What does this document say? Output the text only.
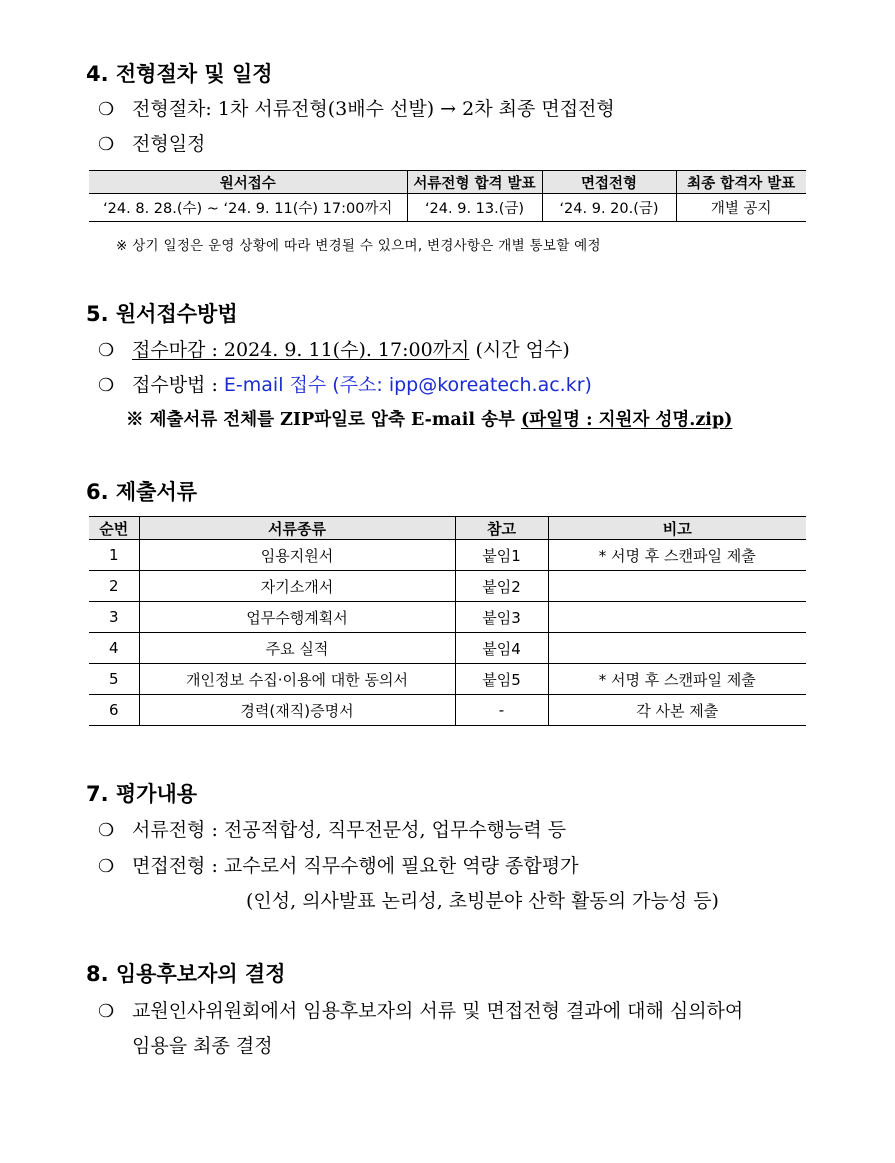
4. 전형절차 및 일정
❍ 전형절차: 1차 서류전형(3배수 선발) → 2차 최종 면접전형
❍ 전형일정
원서접수	서류전형 합격 발표	면접전형	최종 합격자 발표
‘24. 8. 28.(수) ~ ‘24. 9. 11(수) 17:00까지	‘24. 9. 13.(금)	‘24. 9. 20.(금)	개별 공지
※ 상기 일정은 운영 상황에 따라 변경될 수 있으며, 변경사항은 개별 통보할 예정
5. 원서접수방법
❍ 접수마감 : 2024. 9. 11(수). 17:00까지 (시간 엄수)
❍ 접수방법 : E-mail 접수 (주소: ipp@koreatech.ac.kr)
※ 제출서류 전체를 ZIP파일로 압축 E-mail 송부 (파일명 : 지원자 성명.zip)
6. 제출서류
순번	서류종류	참고	비고
1	임용지원서	붙임1	* 서명 후 스캔파일 제출
2	자기소개서	붙임2	
3	업무수행계획서	붙임3	
4	주요 실적	붙임4	
5	개인정보 수집·이용에 대한 동의서	붙임5	* 서명 후 스캔파일 제출
6	경력(재직)증명서	-	각 사본 제출
7. 평가내용
❍ 서류전형 : 전공적합성, 직무전문성, 업무수행능력 등
❍ 면접전형 : 교수로서 직무수행에 필요한 역량 종합평가
(인성, 의사발표 논리성, 초빙분야 산학 활동의 가능성 등)
8. 임용후보자의 결정
❍ 교원인사위원회에서 임용후보자의 서류 및 면접전형 결과에 대해 심의하여
임용을 최종 결정
